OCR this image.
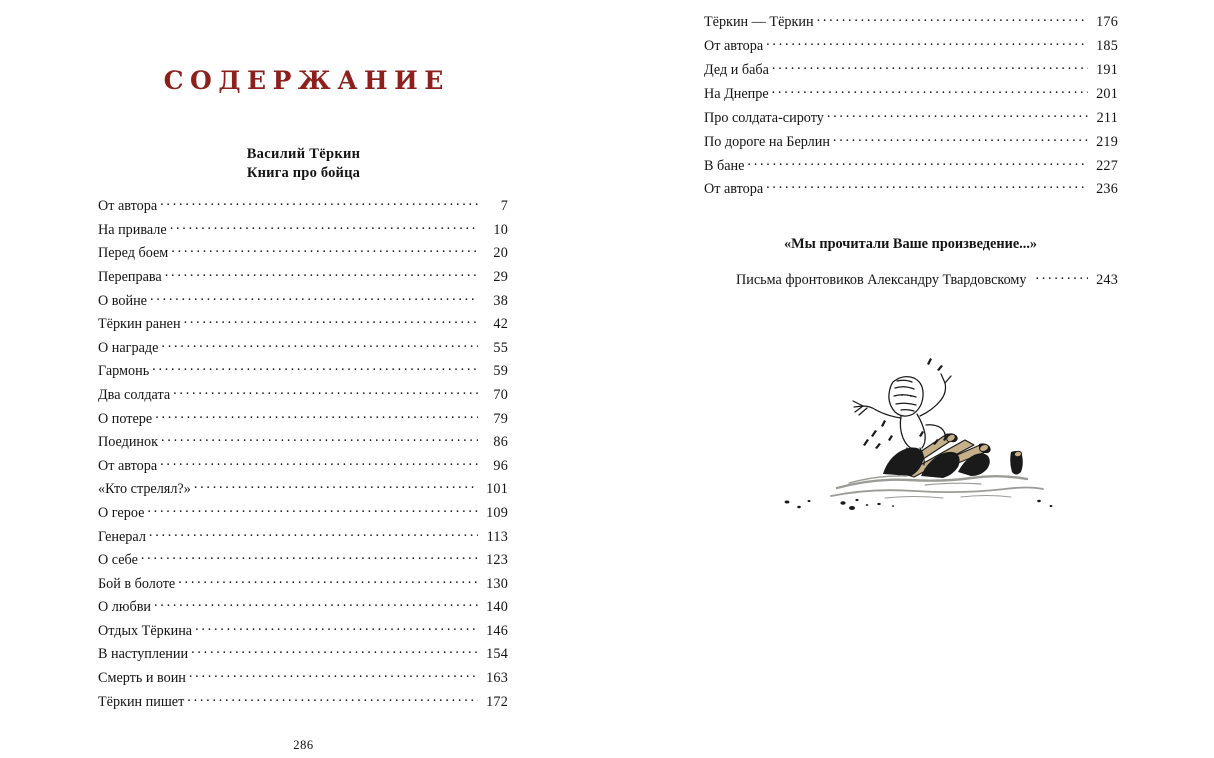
СОДЕРЖАНИЕ
Василий Тёркин
Книга про бойца
От автора . . .	7
На привале . . .	10
Перед боем . . .	20
Переправа . . .	29
О войне . . .	38
Тёркин ранен . . .	42
О награде . . .	55
Гармонь . . .	59
Два солдата . . .	70
О потере . . .	79
Поединок . . .	86
От автора . . .	96
«Кто стрелял?» . . .	101
О герое . . .	109
Генерал . . .	113
О себе . . .	123
Бой в болоте . . .	130
О любви . . .	140
Отдых Тёркина . . .	146
В наступлении . . .	154
Смерть и воин . . .	163
Тёркин пишет . . .	172
286
Тёркин — Тёркин . . .	176
От автора . . .	185
Дед и баба . . .	191
На Днепре . . .	201
Про солдата-сироту . . .	211
По дороге на Берлин . . .	219
В бане . . .	227
От автора . . .	236
«Мы прочитали Ваше произведение...»
Письма фронтовиков Александру Твардовскому . . .	243
